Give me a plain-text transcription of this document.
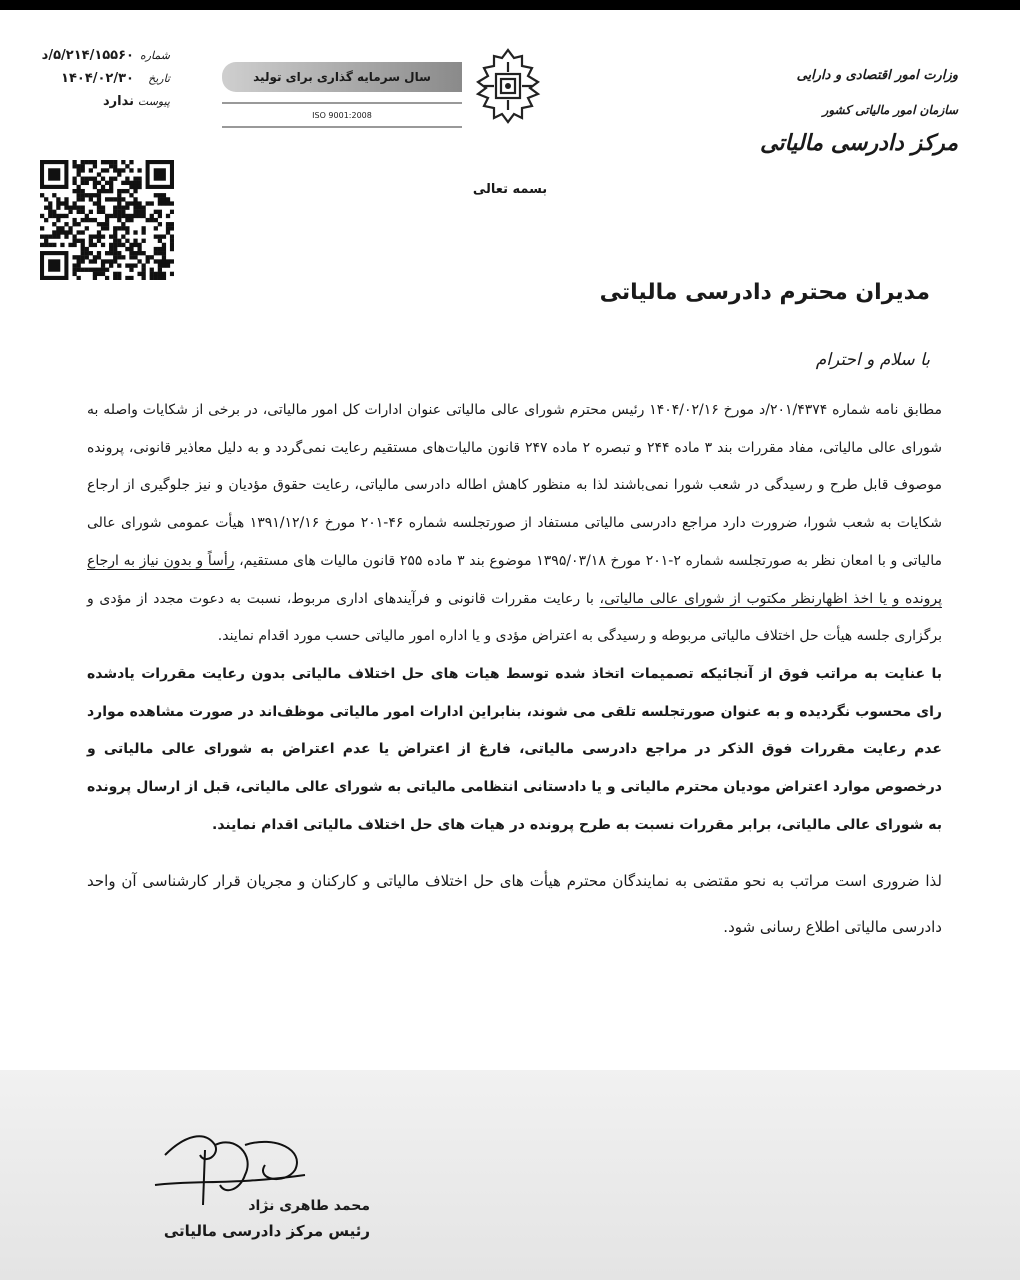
وزارت امور اقتصادی و دارایی
سازمان امور مالیاتی کشور
مرکز دادرسی مالیاتی
سال سرمایه گذاری برای تولید
ISO 9001:2008
شماره
۵/۲۱۴/۱۵۵۶۰/د
تاریخ
۱۴۰۴/۰۲/۳۰
پیوست
ندارد
بسمه تعالی
مدیران محترم دادرسی مالیاتی
با سلام و احترام

مطابق نامه شماره ۲۰۱/۴۳۷۴/د مورخ ۱۴۰۴/۰۲/۱۶ رئیس محترم شورای عالی مالیاتی عنوان ادارات کل امور مالیاتی، در برخی از شکایات واصله به شورای عالی مالیاتی، مفاد مقررات بند ۳ ماده ۲۴۴ و تبصره ۲ ماده ۲۴۷ قانون مالیات‌های مستقیم رعایت نمی‌گردد و به دلیل معاذیر قانونی، پرونده موصوف قابل طرح و رسیدگی در شعب شورا نمی‌باشند لذا به منظور کاهش اطاله دادرسی مالیاتی، رعایت حقوق مؤدیان و نیز جلوگیری از ارجاع شکایات به شعب شورا، ضرورت دارد مراجع دادرسی مالیاتی مستفاد از صورتجلسه شماره ۴۶-۲۰۱ مورخ ۱۳۹۱/۱۲/۱۶ هیأت عمومی شورای عالی مالیاتی و با امعان نظر به صورتجلسه شماره ۲-۲۰۱ مورخ ۱۳۹۵/۰۳/۱۸ موضوع بند ۳ ماده ۲۵۵ قانون مالیات های مستقیم، رأساً و بدون نیاز به ارجاع پرونده و یا اخذ اظهارنظر مکتوب از شورای عالی مالیاتی، با رعایت مقررات قانونی و فرآیندهای اداری مربوط، نسبت به دعوت مجدد از مؤدی و برگزاری جلسه هیأت حل اختلاف مالیاتی مربوطه و رسیدگی به اعتراض مؤدی و یا اداره امور مالیاتی حسب مورد اقدام نمایند.

با عنایت به مراتب فوق از آنجائیکه تصمیمات اتخاذ شده توسط هیات های حل اختلاف مالیاتی بدون رعایت مقررات یادشده رای محسوب نگردیده و به عنوان صورتجلسه تلقی می شوند، بنابراین ادارات امور مالیاتی موظف‌اند در صورت مشاهده موارد عدم رعایت مقررات فوق الذکر در مراجع دادرسی مالیاتی، فارغ از اعتراض یا عدم اعتراض به شورای عالی مالیاتی و درخصوص موارد اعتراض مودیان محترم مالیاتی و یا دادستانی انتظامی مالیاتی به شورای عالی مالیاتی، قبل از ارسال پرونده به شورای عالی مالیاتی، برابر مقررات نسبت به طرح پرونده در هیات های حل اختلاف مالیاتی اقدام نمایند.

لذا ضروری است مراتب به نحو مقتضی به نمایندگان محترم هیأت های حل اختلاف مالیاتی و کارکنان و مجریان قرار کارشناسی آن واحد دادرسی مالیاتی اطلاع رسانی شود.

محمد طاهری نژاد
رئیس مرکز دادرسی مالیاتی
